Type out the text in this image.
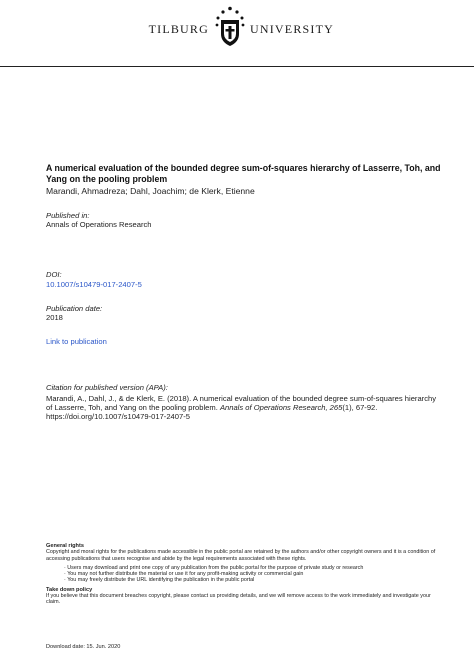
TILBURG	UNIVERSITY
A numerical evaluation of the bounded degree sum-of-squares hierarchy of Lasserre, Toh, and Yang on the pooling problem
Marandi, Ahmadreza; Dahl, Joachim; de Klerk, Etienne
Published in:
Annals of Operations Research
DOI:
10.1007/s10479-017-2407-5
Publication date:
2018
Link to publication
Citation for published version (APA):
Marandi, A., Dahl, J., & de Klerk, E. (2018). A numerical evaluation of the bounded degree sum-of-squares hierarchy of Lasserre, Toh, and Yang on the pooling problem. Annals of Operations Research, 265(1), 67-92.
https://doi.org/10.1007/s10479-017-2407-5
General rights
Copyright and moral rights for the publications made accessible in the public portal are retained by the authors and/or other copyright owners and it is a condition of accessing publications that users recognise and abide by the legal requirements associated with these rights.
· Users may download and print one copy of any publication from the public portal for the purpose of private study or research
· You may not further distribute the material or use it for any profit-making activity or commercial gain
· You may freely distribute the URL identifying the publication in the public portal
Take down policy
If you believe that this document breaches copyright, please contact us providing details, and we will remove access to the work immediately and investigate your claim.
Download date: 15. Jun. 2020
